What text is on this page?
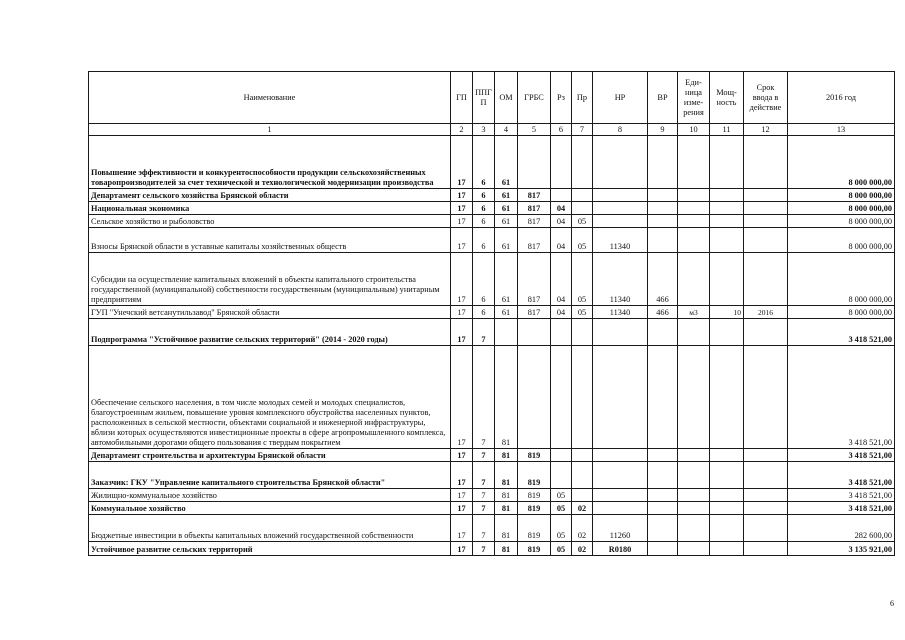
Наименование	ГП	ППГ
П	ОМ	ГРБС	Рз	Пр	НР	ВР	Еди-
ница
изме-
рения	Мощ-
ность	Срок
ввода в
действие	2016 год
1	2	3	4	5	6	7	8	9	10	11	12	13
Повышение эффективности и конкурентоспособности продукции сельскохозяйственных товаропроизводителей за счет технической и технологической модернизации производства	17	6	61									8 000 000,00
Департамент сельского хозяйства Брянской области	17	6	61	817								8 000 000,00
Национальная экономика	17	6	61	817	04							8 000 000,00
Сельское хозяйство и рыболовство	17	6	61	817	04	05						8 000 000,00
Взносы Брянской области в уставные капиталы хозяйственных обществ	17	6	61	817	04	05	11340					8 000 000,00
Субсидии на осуществление капитальных вложений в объекты капитального строительства государственной (муниципальной) собственности государственным (муниципальным) унитарным предприятиям	17	6	61	817	04	05	11340	466				8 000 000,00
ГУП "Унечский ветсанутильзавод" Брянской области	17	6	61	817	04	05	11340	466	м3	10	2016	8 000 000,00
Подпрограмма "Устойчивое развитие сельских территорий" (2014 - 2020 годы)	17	7										3 418 521,00
Обеспечение сельского населения, в том числе молодых семей и молодых специалистов, благоустроенным жильем, повышение уровня комплексного обустройства населенных пунктов, расположенных в сельской местности, объектами социальной и инженерной инфраструктуры, вблизи которых осуществляются инвестиционные проекты в сфере агропромышленного комплекса, автомобильными дорогами общего пользования с твердым покрытием	17	7	81									3 418 521,00
Департамент строительства и архитектуры Брянской области	17	7	81	819								3 418 521,00
Заказчик: ГКУ "Управление капитального строительства Брянской области"	17	7	81	819								3 418 521,00
Жилищно-коммунальное хозяйство	17	7	81	819	05							3 418 521,00
Коммунальное хозяйство	17	7	81	819	05	02						3 418 521,00
Бюджетные инвестиции в объекты капитальных вложений государственной собственности	17	7	81	819	05	02	11260					282 600,00
Устойчивое развитие сельских территорий	17	7	81	819	05	02	R0180					3 135 921,00
6
